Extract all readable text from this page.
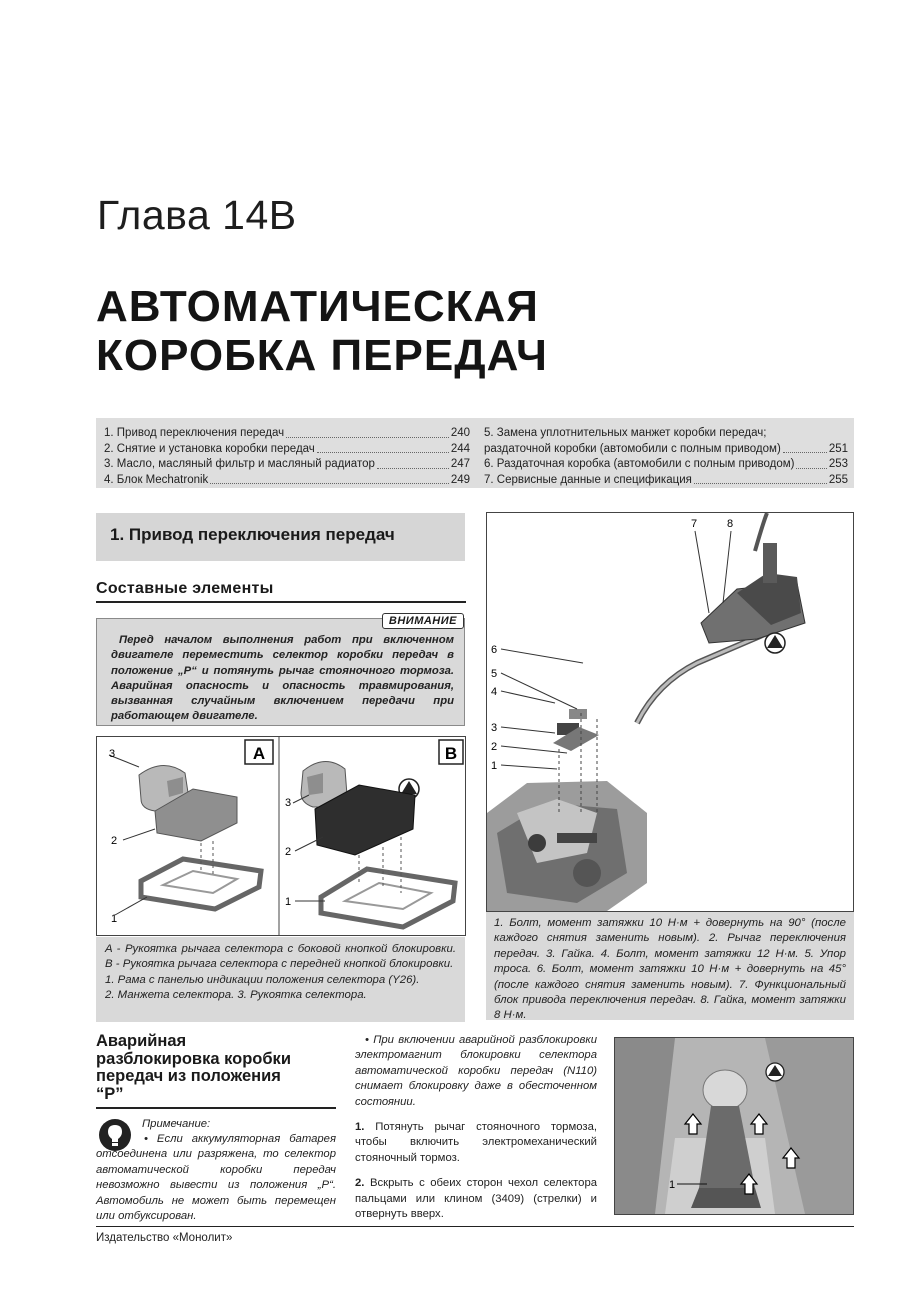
Глава 14B
АВТОМАТИЧЕСКАЯ
КОРОБКА ПЕРЕДАЧ
1. Привод переключения передач	240
2. Снятие и установка коробки передач	244
3. Масло, масляный фильтр и масляный радиатор	247
4. Блок Mechatronik	249
5. Замена уплотнительных манжет коробки передач;
раздаточной коробки (автомобили с полным приводом)	251
6. Раздаточная коробка (автомобили с полным приводом)	253
7. Сервисные данные и спецификация	255
1. Привод переключения передач
Составные элементы
ВНИМАНИЕ
Перед началом выполнения работ при включенном двигателе переместить селектор коробки передач в положение „P“ и потянуть рычаг стояночного тормоза. Аварийная опасность и опасность травмирования, вызванная случайным включением передачи при работающем двигателе.
A
3
2
1
B
3
2
1
A - Рукоятка рычага селектора с боковой кнопкой блокировки. B - Рукоятка рычага селектора с передней кнопкой блокировки.
1. Рама с панелью индикации положения селектора (Y26).
2. Манжета селектора. 3. Рукоятка селектора.
7	8
6
5
4
3
2
1
1. Болт, момент затяжки 10 Н·м + довернуть на 90° (после каждого снятия заменить новым). 2. Рычаг переключения передач. 3. Гайка. 4. Болт, момент затяжки 12 Н·м. 5. Упор троса. 6. Болт, момент затяжки 10 Н·м + довернуть на 45° (после каждого снятия заменить новым). 7. Функциональный блок привода переключения передач. 8. Гайка, момент затяжки 8 Н·м.
Аварийная
разблокировка коробки
передач из положения
“P”
Примечание:
• Если аккумуляторная батарея отсоединена или разряжена, то селектор автоматической коробки передач невозможно вывести из положения „P“. Автомобиль не может быть перемещен или отбуксирован.

• При включении аварийной разблокировки электромагнит блокировки селектора автоматической коробки передач (N110) снимает блокировку даже в обесточенном состоянии.

1. Потянуть рычаг стояночного тормоза, чтобы включить электромеханический стояночный тормоз.

2. Вскрыть с обеих сторон чехол селектора пальцами или клином (3409) (стрелки) и отвернуть вверх.

1
Издательство «Монолит»
